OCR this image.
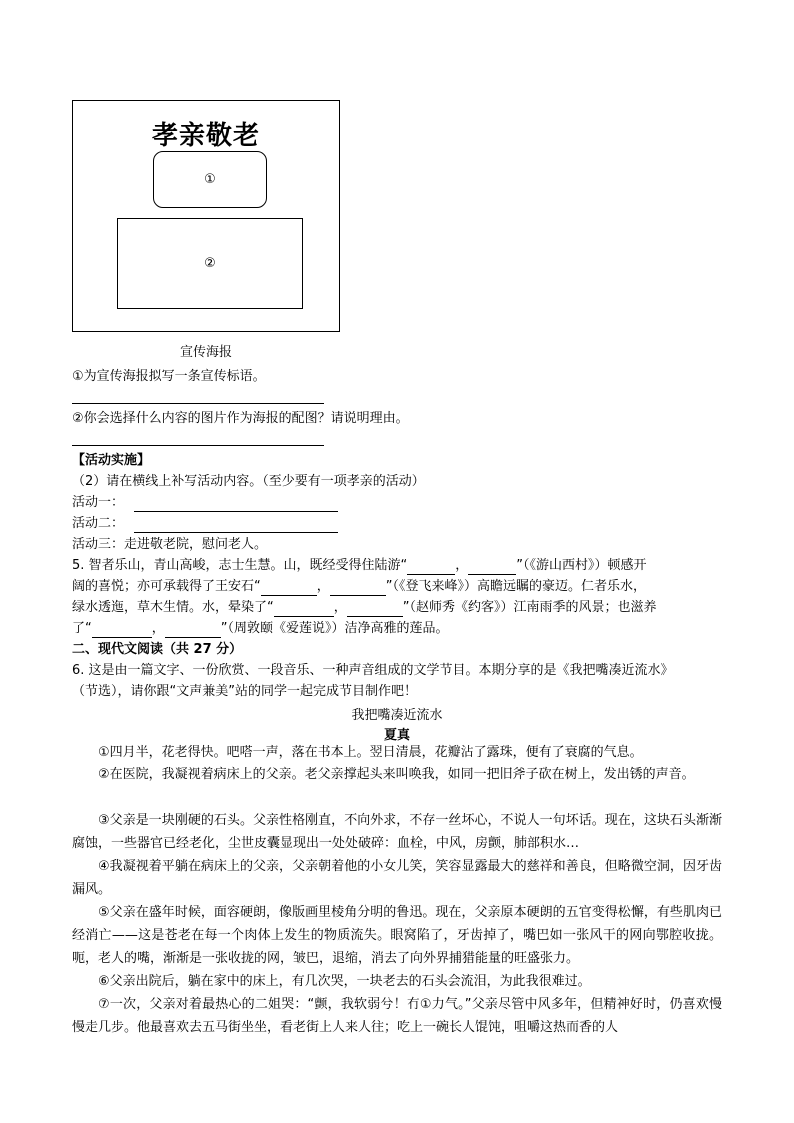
孝亲敬老
①
②
宣传海报
①为宣传海报拟写一条宣传标语。
②你会选择什么内容的图片作为海报的配图？请说明理由。
【活动实施】
（2）请在横线上补写活动内容。（至少要有一项孝亲的活动）
活动一：
活动二：
活动三：走进敬老院，慰问老人。
5. 智者乐山，青山高峻，志士生慧。山，既经受得住陆游“	，	”（《游山西村》）顿感开
阔的喜悦；亦可承载得了王安石“	，	”（《登飞来峰》）高瞻远瞩的豪迈。仁者乐水，
绿水透迤，草木生情。水，晕染了“	，	”（赵师秀《约客》）江南雨季的风景；也滋养
了“	，	”（周敦颐《爱莲说》）洁净高雅的莲品。
二、现代文阅读（共 27 分）
6. 这是由一篇文字、一份欣赏、一段音乐、一种声音组成的文学节目。本期分享的是《我把嘴凑近流水》
（节选），请你跟“文声兼美”站的同学一起完成节目制作吧！
我把嘴凑近流水
夏真

①四月半，花老得快。吧嗒一声，落在书本上。翌日清晨，花瓣沾了露珠，便有了衰腐的气息。

②在医院，我凝视着病床上的父亲。老父亲撑起头来叫唤我，如同一把旧斧子砍在树上，发出锈的声音。

③父亲是一块刚硬的石头。父亲性格刚直，不向外求，不存一丝坏心，不说人一句坏话。现在，这块石头渐渐腐蚀，一些器官已经老化，尘世皮囊显现出一处处破碎：血栓，中风，房颤，肺部积水…

④我凝视着平躺在病床上的父亲，父亲朝着他的小女儿笑，笑容显露最大的慈祥和善良，但略微空洞，因牙齿漏风。

⑤父亲在盛年时候，面容硬朗，像版画里棱角分明的鲁迅。现在，父亲原本硬朗的五官变得松懈，有些肌肉已经消亡——这是苍老在每一个肉体上发生的物质流失。眼窝陷了，牙齿掉了，嘴巴如一张风干的网向鄂腔收拢。呃，老人的嘴，渐渐是一张收拢的网，皱巴，退缩，消去了向外界捕猎能量的旺盛张力。

⑥父亲出院后，躺在家中的床上，有几次哭，一块老去的石头会流泪，为此我很难过。

⑦一次，父亲对着最热心的二姐哭：“颤，我软弱兮！冇①力气。”父亲尽管中风多年，但精神好时，仍喜欢慢慢走几步。他最喜欢去五马街坐坐，看老街上人来人往；吃上一碗长人馄饨，咀嚼这热而香的人
